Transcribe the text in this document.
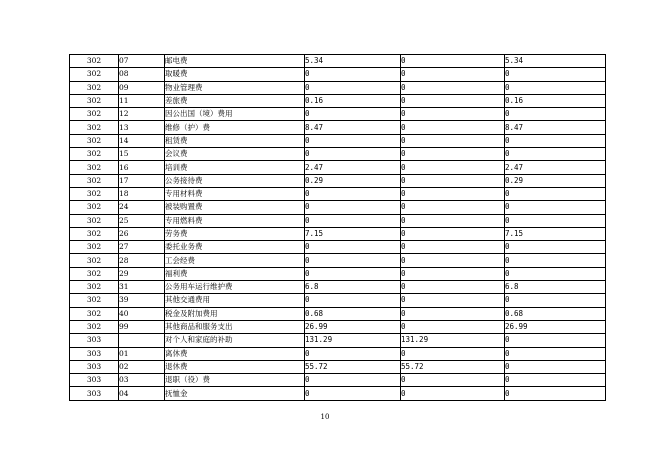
302	07	邮电费	5.34	0	5.34
302	08	取暖费	0	0	0
302	09	物业管理费	0	0	0
302	11	差旅费	0.16	0	0.16
302	12	因公出国（境）费用	0	0	0
302	13	维修（护）费	8.47	0	8.47
302	14	租赁费	0	0	0
302	15	会议费	0	0	0
302	16	培训费	2.47	0	2.47
302	17	公务接待费	0.29	0	0.29
302	18	专用材料费	0	0	0
302	24	被装购置费	0	0	0
302	25	专用燃料费	0	0	0
302	26	劳务费	7.15	0	7.15
302	27	委托业务费	0	0	0
302	28	工会经费	0	0	0
302	29	福利费	0	0	0
302	31	公务用车运行维护费	6.8	0	6.8
302	39	其他交通费用	0	0	0
302	40	税金及附加费用	0.68	0	0.68
302	99	其他商品和服务支出	26.99	0	26.99
303		对个人和家庭的补助	131.29	131.29	0
303	01	离休费	0	0	0
303	02	退休费	55.72	55.72	0
303	03	退职（役）费	0	0	0
303	04	抚恤金	0	0	0
10
